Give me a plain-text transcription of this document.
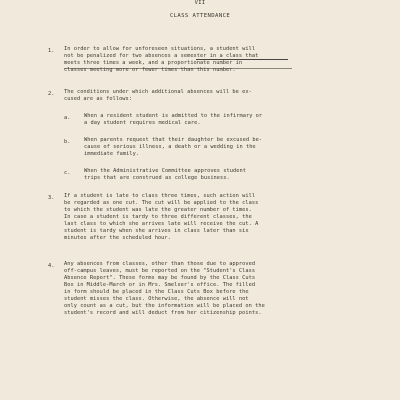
VII
CLASS ATTENDANCE
1. In order to allow for unforeseen situations, a student will
not be penalized for two absences a semester in a class that
meets three times a week, and a proportionate number in
classes meeting more or fewer times than this number.
2. The conditions under which additional absences will be ex-
cused are as follows:
a.	When a resident student is admitted to the infirmary or
a day student requires medical care.
b.	When parents request that their daughter be excused be-
cause of serious illness, a death or a wedding in the
immediate family.
c.	When the Administrative Committee approves student
trips that are construed as college business.
3. If a student is late to class three times, such action will
be regarded as one cut. The cut will be applied to the class
to which the student was late the greater number of times.
In case a student is tardy to three different classes, the
last class to which she arrives late will receive the cut. A
student is tardy when she arrives in class later than six
minutes after the scheduled hour.
4. Any absences from classes, other than those due to approved
off-campus leaves, must be reported on the "Student's Class
Absence Report". These forms may be found by the Class Cuts
Box in Middle-March or in Mrs. Smelser's office. The filled
in form should be placed in the Class Cuts Box before the
student misses the class. Otherwise, the absence will not
only count as a cut, but the information will be placed on the
student's record and will deduct from her citizenship points.
